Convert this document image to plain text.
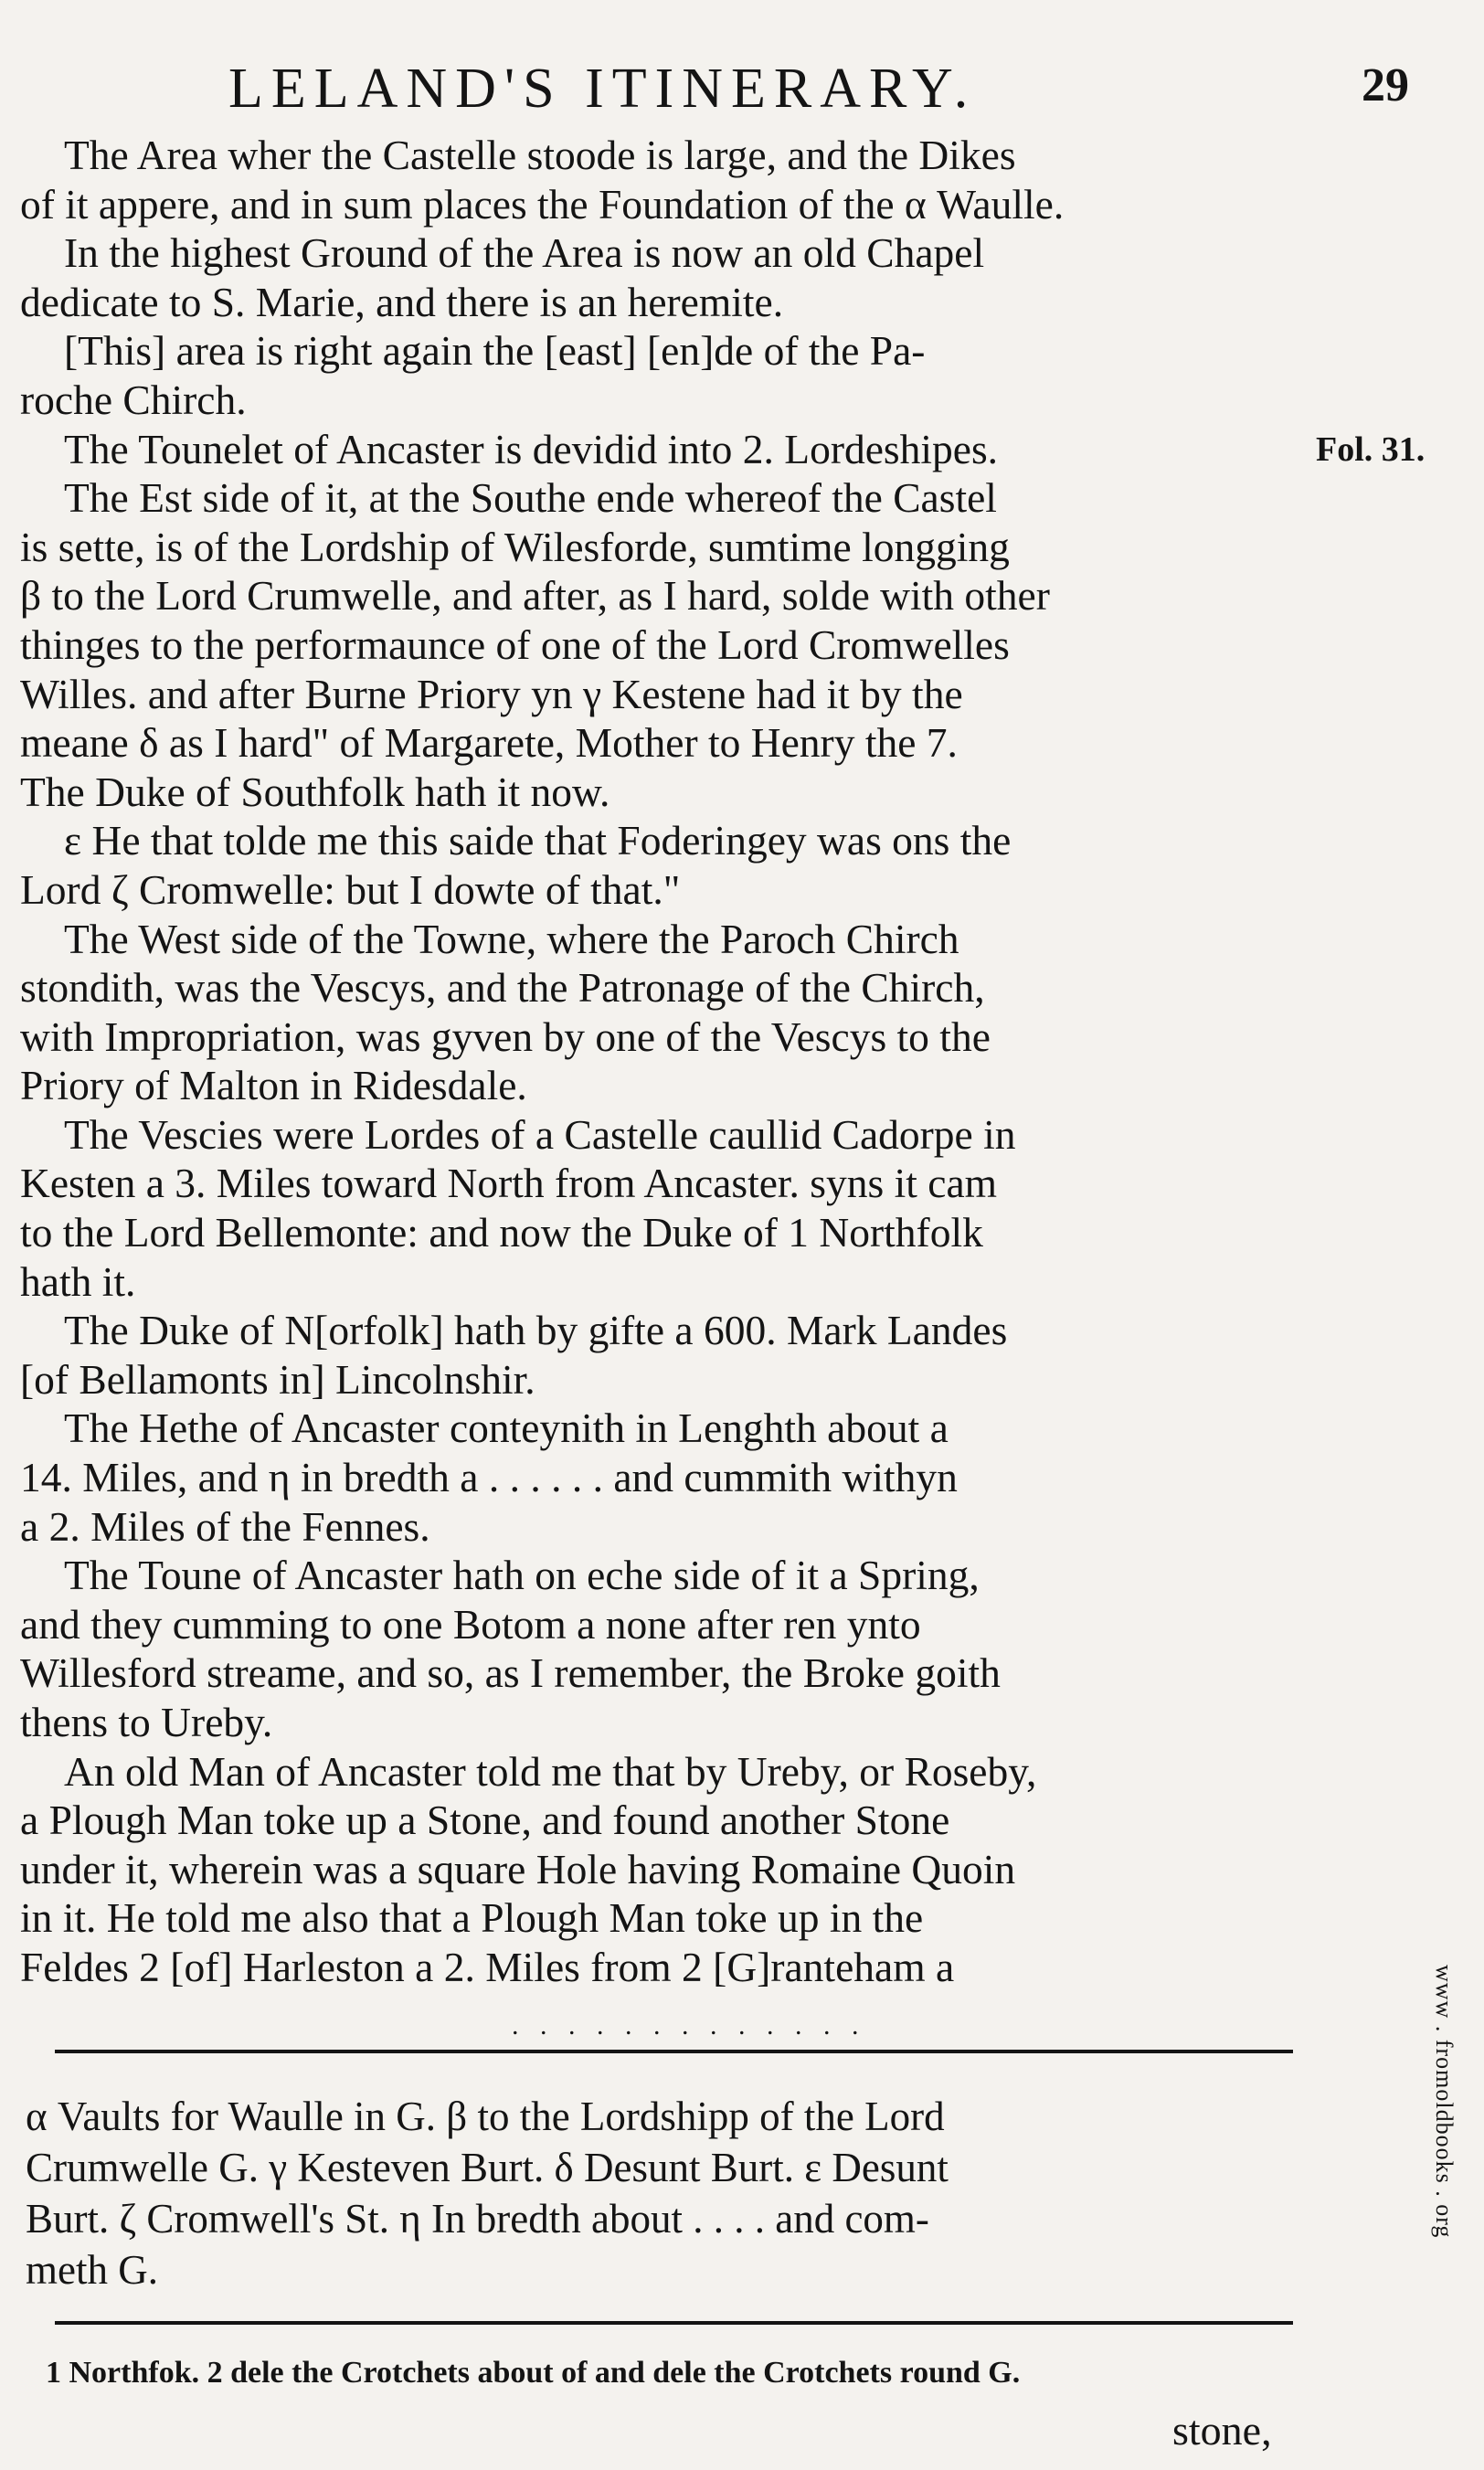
LELAND'S ITINERARY.	29
Fol. 31.
www . fromoldbooks . org
The Area wher the Castelle stoode is large, and the Dikes
of it appere, and in sum places the Foundation of the α Waulle.
In the highest Ground of the Area is now an old Chapel
dedicate to S. Marie, and there is an heremite.
[This] area is right again the [east] [en]de of the Pa-
roche Chirch.
The Tounelet of Ancaster is devidid into 2. Lordeshipes.
The Est side of it, at the Southe ende whereof the Castel
is sette, is of the Lordship of Wilesforde, sumtime longging
β to the Lord Crumwelle, and after, as I hard, solde with other
thinges to the performaunce of one of the Lord Cromwelles
Willes. and after Burne Priory yn γ Kestene had it by the
meane δ as I hard" of Margarete, Mother to Henry the 7.
The Duke of Southfolk hath it now.
ε He that tolde me this saide that Foderingey was ons the
Lord ζ Cromwelle: but I dowte of that."
The West side of the Towne, where the Paroch Chirch
stondith, was the Vescys, and the Patronage of the Chirch,
with Impropriation, was gyven by one of the Vescys to the
Priory of Malton in Ridesdale.
The Vescies were Lordes of a Castelle caullid Cadorpe in
Kesten a 3. Miles toward North from Ancaster. syns it cam
to the Lord Bellemonte: and now the Duke of 1 Northfolk
hath it.
The Duke of N[orfolk] hath by gifte a 600. Mark Landes
[of Bellamonts in] Lincolnshir.
The Hethe of Ancaster conteynith in Lenghth about a
14. Miles, and η in bredth a . . . . . . and cummith withyn
a 2. Miles of the Fennes.
The Toune of Ancaster hath on eche side of it a Spring,
and they cumming to one Botom a none after ren ynto
Willesford streame, and so, as I remember, the Broke goith
thens to Ureby.
An old Man of Ancaster told me that by Ureby, or Roseby,
a Plough Man toke up a Stone, and found another Stone
under it, wherein was a square Hole having Romaine Quoin
in it. He told me also that a Plough Man toke up in the
Feldes 2 [of] Harleston a 2. Miles from 2 [G]ranteham a
. . . . . . . . . . . . .
α Vaults for Waulle in G. β to the Lordshipp of the Lord
Crumwelle G. γ Kesteven Burt. δ Desunt Burt. ε Desunt
Burt. ζ Cromwell's St. η In bredth about . . . . and com-
meth G.
1 Northfok. 2 dele the Crotchets about of and dele the Crotchets round G.
stone,
